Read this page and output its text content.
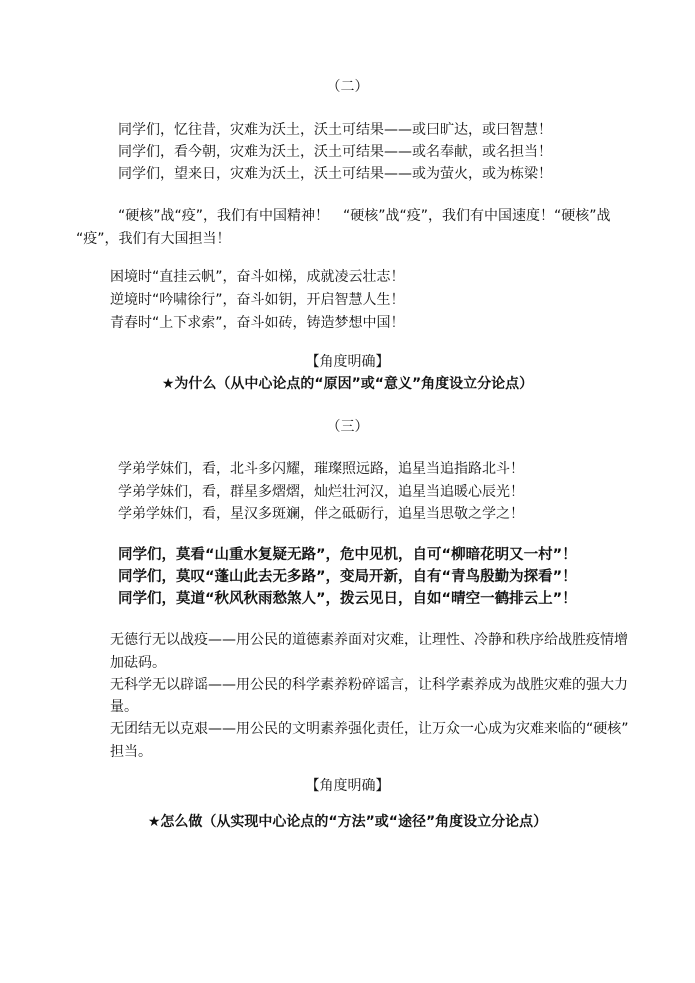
（二）
同学们，忆往昔，灾难为沃土，沃土可结果——或曰旷达，或曰智慧！
同学们，看今朝，灾难为沃土，沃土可结果——或名奉献，或名担当！
同学们，望来日，灾难为沃土，沃土可结果——或为萤火，或为栋梁！
“硬核”战“疫”，我们有中国精神！　“硬核”战“疫”，我们有中国速度！“硬核”战
“疫”，我们有大国担当！
困境时“直挂云帆”，奋斗如梯，成就凌云壮志！
逆境时“吟啸徐行”，奋斗如钥，开启智慧人生！
青春时“上下求索”，奋斗如砖，铸造梦想中国！
【角度明确】
★为什么（从中心论点的“原因”或“意义”角度设立分论点）
（三）
学弟学妹们，看，北斗多闪耀，璀璨照远路，追星当追指路北斗！
学弟学妹们，看，群星多熠熠，灿烂壮河汉，追星当追暖心辰光！
学弟学妹们，看，星汉多斑斓，伴之砥砺行，追星当思敬之学之！
同学们，莫看“山重水复疑无路”，危中见机，自可“柳暗花明又一村”！
同学们，莫叹“蓬山此去无多路”，变局开新，自有“青鸟殷勤为探看”！
同学们，莫道“秋风秋雨愁煞人”，拨云见日，自如“晴空一鹤排云上”！
无德行无以战疫——用公民的道德素养面对灾难，让理性、冷静和秩序给战胜疫情增
加砝码。
无科学无以辟谣——用公民的科学素养粉碎谣言，让科学素养成为战胜灾难的强大力
量。
无团结无以克艰——用公民的文明素养强化责任，让万众一心成为灾难来临的“硬核”
担当。
【角度明确】
★怎么做（从实现中心论点的“方法”或“途径”角度设立分论点）
